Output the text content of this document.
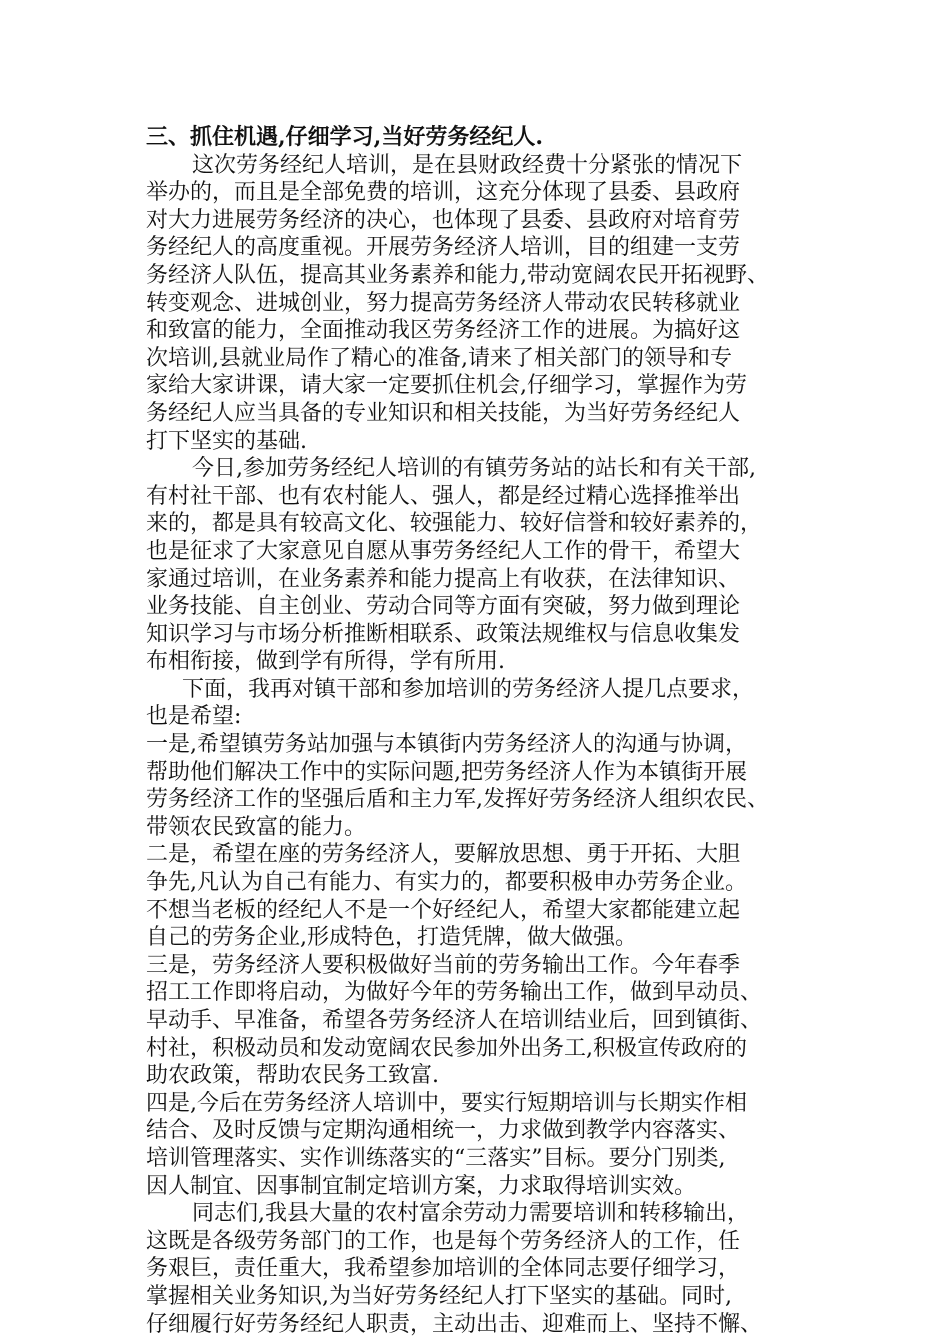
三、抓住机遇,仔细学习,当好劳务经纪人.

这次劳务经纪人培训，是在县财政经费十分紧张的情况下

举办的，而且是全部免费的培训，这充分体现了县委、县政府

对大力进展劳务经济的决心，也体现了县委、县政府对培育劳

务经纪人的高度重视。开展劳务经济人培训，目的组建一支劳

务经济人队伍，提高其业务素养和能力,带动宽阔农民开拓视野、

转变观念、进城创业，努力提高劳务经济人带动农民转移就业

和致富的能力，全面推动我区劳务经济工作的进展。为搞好这

次培训,县就业局作了精心的准备,请来了相关部门的领导和专

家给大家讲课，请大家一定要抓住机会,仔细学习，掌握作为劳

务经纪人应当具备的专业知识和相关技能，为当好劳务经纪人

打下坚实的基础.

今日,参加劳务经纪人培训的有镇劳务站的站长和有关干部,

有村社干部、也有农村能人、强人，都是经过精心选择推举出

来的，都是具有较高文化、较强能力、较好信誉和较好素养的，

也是征求了大家意见自愿从事劳务经纪人工作的骨干，希望大

家通过培训，在业务素养和能力提高上有收获，在法律知识、

业务技能、自主创业、劳动合同等方面有突破，努力做到理论

知识学习与市场分析推断相联系、政策法规维权与信息收集发

布相衔接，做到学有所得，学有所用.

下面，我再对镇干部和参加培训的劳务经济人提几点要求，

也是希望:

一是,希望镇劳务站加强与本镇街内劳务经济人的沟通与协调，

帮助他们解决工作中的实际问题,把劳务经济人作为本镇街开展

劳务经济工作的坚强后盾和主力军,发挥好劳务经济人组织农民、

带领农民致富的能力。

二是，希望在座的劳务经济人，要解放思想、勇于开拓、大胆

争先,凡认为自己有能力、有实力的，都要积极申办劳务企业。

不想当老板的经纪人不是一个好经纪人，希望大家都能建立起

自己的劳务企业,形成特色，打造凭牌，做大做强。

三是，劳务经济人要积极做好当前的劳务输出工作。今年春季

招工工作即将启动，为做好今年的劳务输出工作，做到早动员、

早动手、早准备，希望各劳务经济人在培训结业后，回到镇街、

村社，积极动员和发动宽阔农民参加外出务工,积极宣传政府的

助农政策，帮助农民务工致富.

四是,今后在劳务经济人培训中，要实行短期培训与长期实作相

结合、及时反馈与定期沟通相统一，力求做到教学内容落实、

培训管理落实、实作训练落实的“三落实”目标。要分门别类,

因人制宜、因事制宜制定培训方案，力求取得培训实效。

同志们,我县大量的农村富余劳动力需要培训和转移输出，

这既是各级劳务部门的工作，也是每个劳务经济人的工作，任

务艰巨，责任重大，我希望参加培训的全体同志要仔细学习，

掌握相关业务知识,为当好劳务经纪人打下坚实的基础。同时,

仔细履行好劳务经纪人职责，主动出击、迎难而上、坚持不懈、
